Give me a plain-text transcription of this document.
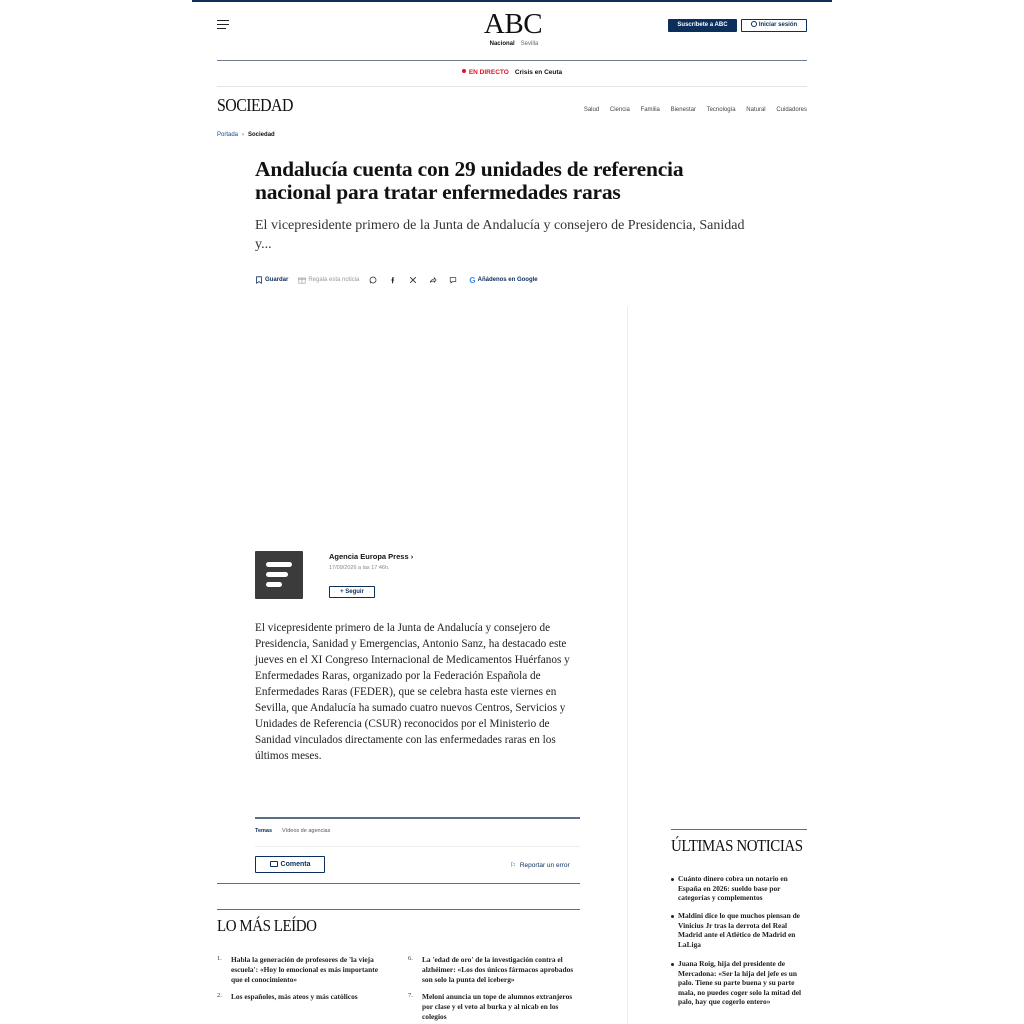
ABC
Nacional Sevilla
Suscríbete a ABC	Iniciar sesión
EN DIRECTO Crisis en Ceuta
SOCIEDAD	Salud Ciencia Familia Bienestar Tecnología Natural Cuidadores
Portada › Sociedad
Andalucía cuenta con 29 unidades de referencia nacional para tratar enfermedades raras

El vicepresidente primero de la Junta de Andalucía y consejero de Presidencia, Sanidad y...

Guardar	Regala esta noticia	G Añádenos en Google
Agencia Europa Press ›
17/09/2026 a las 17:46h.
+ Seguir

El vicepresidente primero de la Junta de Andalucía y consejero de Presidencia, Sanidad y Emergencias, Antonio Sanz, ha destacado este jueves en el XI Congreso Internacional de Medicamentos Huérfanos y Enfermedades Raras, organizado por la Federación Española de Enfermedades Raras (FEDER), que se celebra hasta este viernes en Sevilla, que Andalucía ha sumado cuatro nuevos Centros, Servicios y Unidades de Referencia (CSUR) reconocidos por el Ministerio de Sanidad vinculados directamente con las enfermedades raras en los últimos meses.

Temas Vídeos de agencias
Comenta	⚐ Reportar un error
LO MÁS LEÍDO
1. Habla la generación de profesores de 'la vieja escuela': «Hoy lo emocional es más importante que el conocimiento»
2. Los españoles, más ateos y más católicos
6. La 'edad de oro' de la investigación contra el alzhéimer: «Los dos únicos fármacos aprobados son solo la punta del iceberg»
7. Meloni anuncia un tope de alumnos extranjeros por clase y el veto al burka y al nicab en los colegios
ÚLTIMAS NOTICIAS
Cuánto dinero cobra un notario en España en 2026: sueldo base por categorías y complementos
Maldini dice lo que muchos piensan de Vinicius Jr tras la derrota del Real Madrid ante el Atlético de Madrid en LaLiga
Juana Roig, hija del presidente de Mercadona: «Ser la hija del jefe es un palo. Tiene su parte buena y su parte mala, no puedes coger solo la mitad del palo, hay que cogerlo entero»
